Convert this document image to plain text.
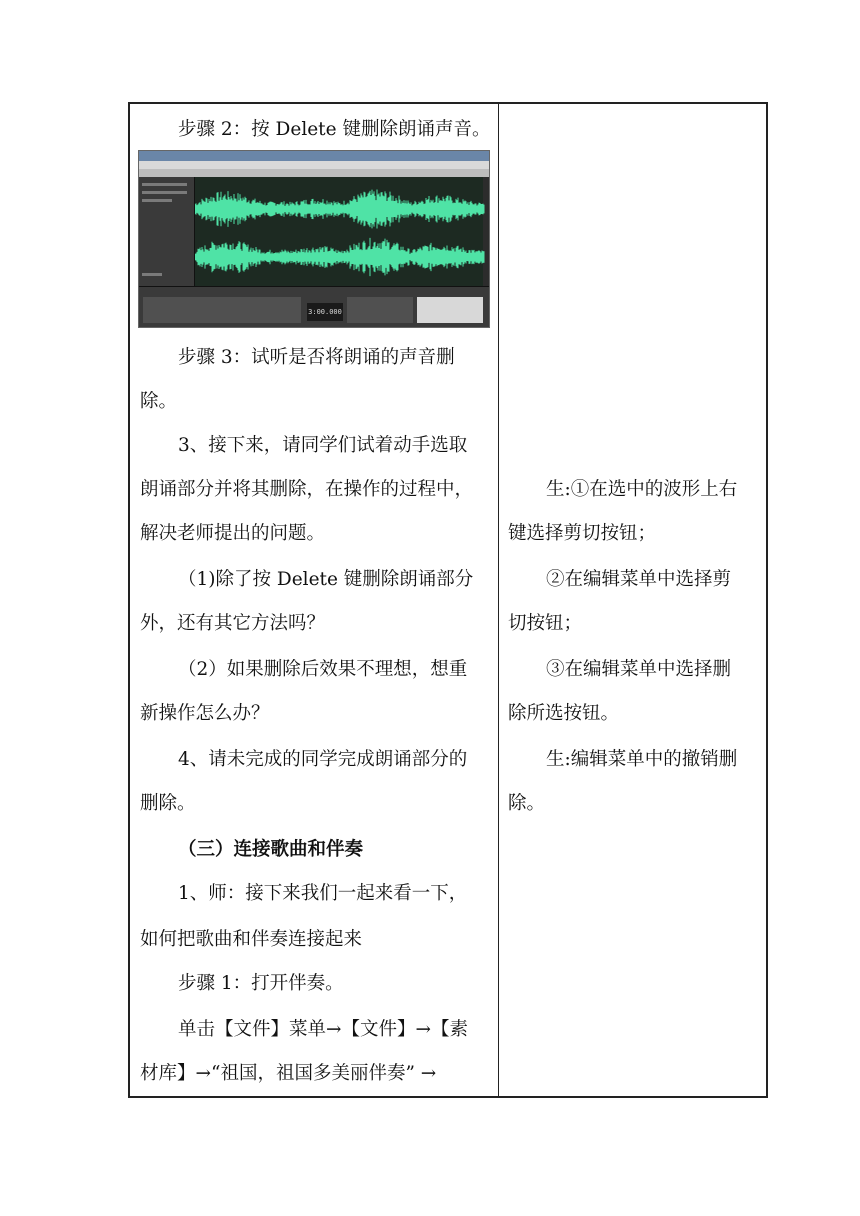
步骤 2：按 Delete 键删除朗诵声音。
步骤 3：试听是否将朗诵的声音删
除。
3、接下来，请同学们试着动手选取
朗诵部分并将其删除，在操作的过程中，
解决老师提出的问题。
（1)除了按 Delete 键删除朗诵部分
外，还有其它方法吗？
（2）如果删除后效果不理想，想重
新操作怎么办？
4、请未完成的同学完成朗诵部分的
删除。
（三）连接歌曲和伴奏
1、师：接下来我们一起来看一下，
如何把歌曲和伴奏连接起来
步骤 1：打开伴奏。
单击【文件】菜单→【文件】→【素
材库】→“祖国，祖国多美丽伴奏” →
生:①在选中的波形上右
键选择剪切按钮；
②在编辑菜单中选择剪
切按钮；
③在编辑菜单中选择删
除所选按钮。
生:编辑菜单中的撤销删
除。
3:00.000
